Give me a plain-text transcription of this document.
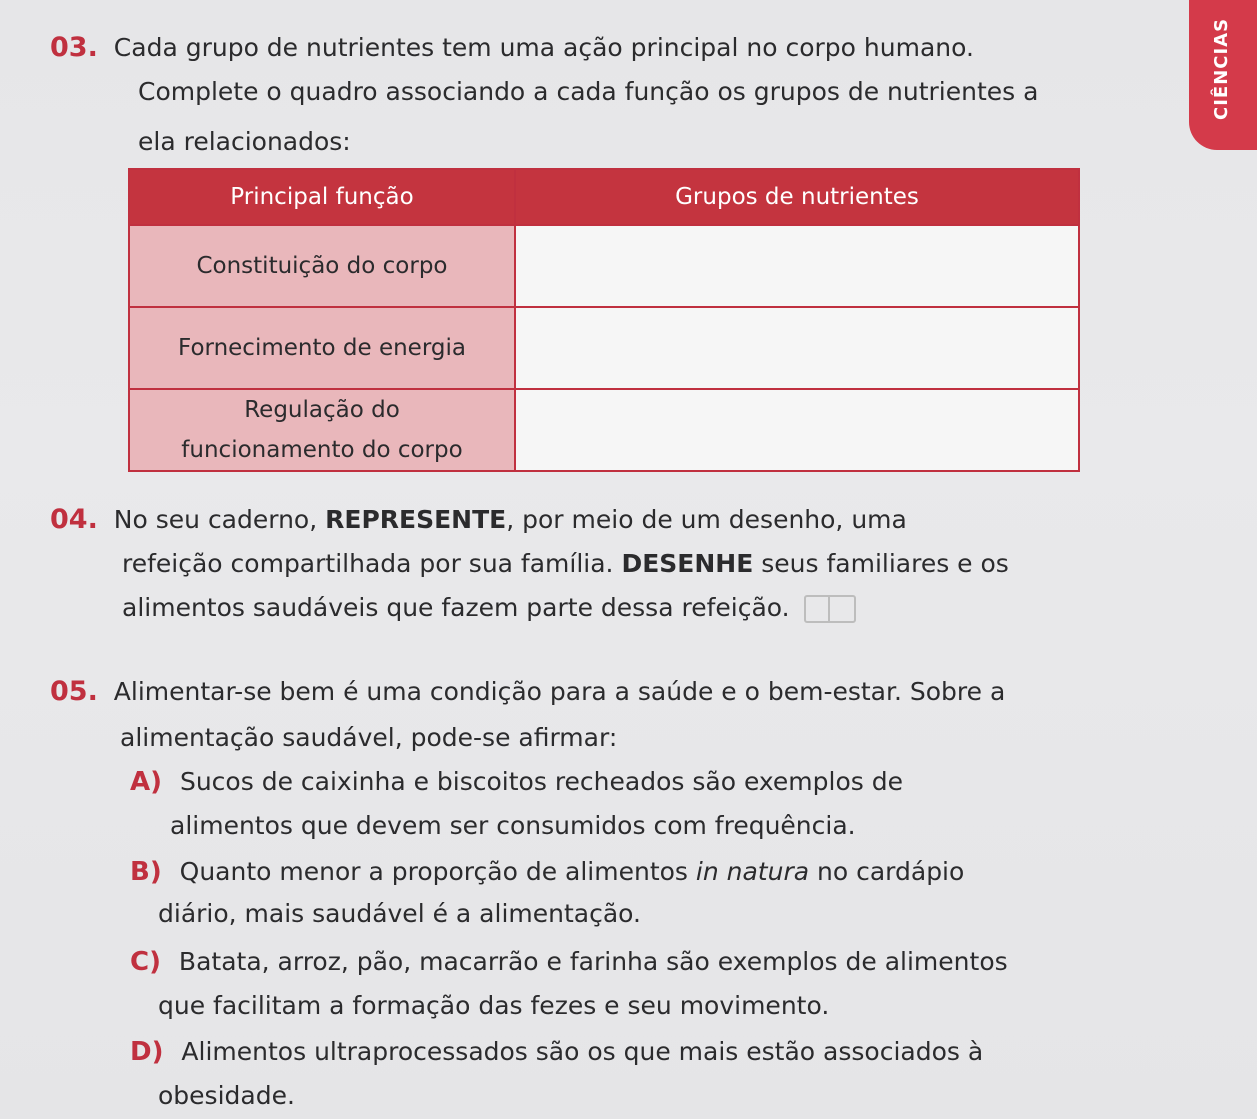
CIÊNCIAS
03. Cada grupo de nutrientes tem uma ação principal no corpo humano.
Complete o quadro associando a cada função os grupos de nutrientes a
ela relacionados:
Principal função	Grupos de nutrientes
Constituição do corpo	
Fornecimento de energia	

Regulação do
funcionamento do corpo	

04. No seu caderno, REPRESENTE, por meio de um desenho, uma
refeição compartilhada por sua família. DESENHE seus familiares e os
alimentos saudáveis que fazem parte dessa refeição.
05. Alimentar-se bem é uma condição para a saúde e o bem-estar. Sobre a
alimentação saudável, pode-se afirmar:
A) Sucos de caixinha e biscoitos recheados são exemplos de
alimentos que devem ser consumidos com frequência.
B) Quanto menor a proporção de alimentos in natura no cardápio
diário, mais saudável é a alimentação.
C) Batata, arroz, pão, macarrão e farinha são exemplos de alimentos
que facilitam a formação das fezes e seu movimento.
D) Alimentos ultraprocessados são os que mais estão associados à
obesidade.
